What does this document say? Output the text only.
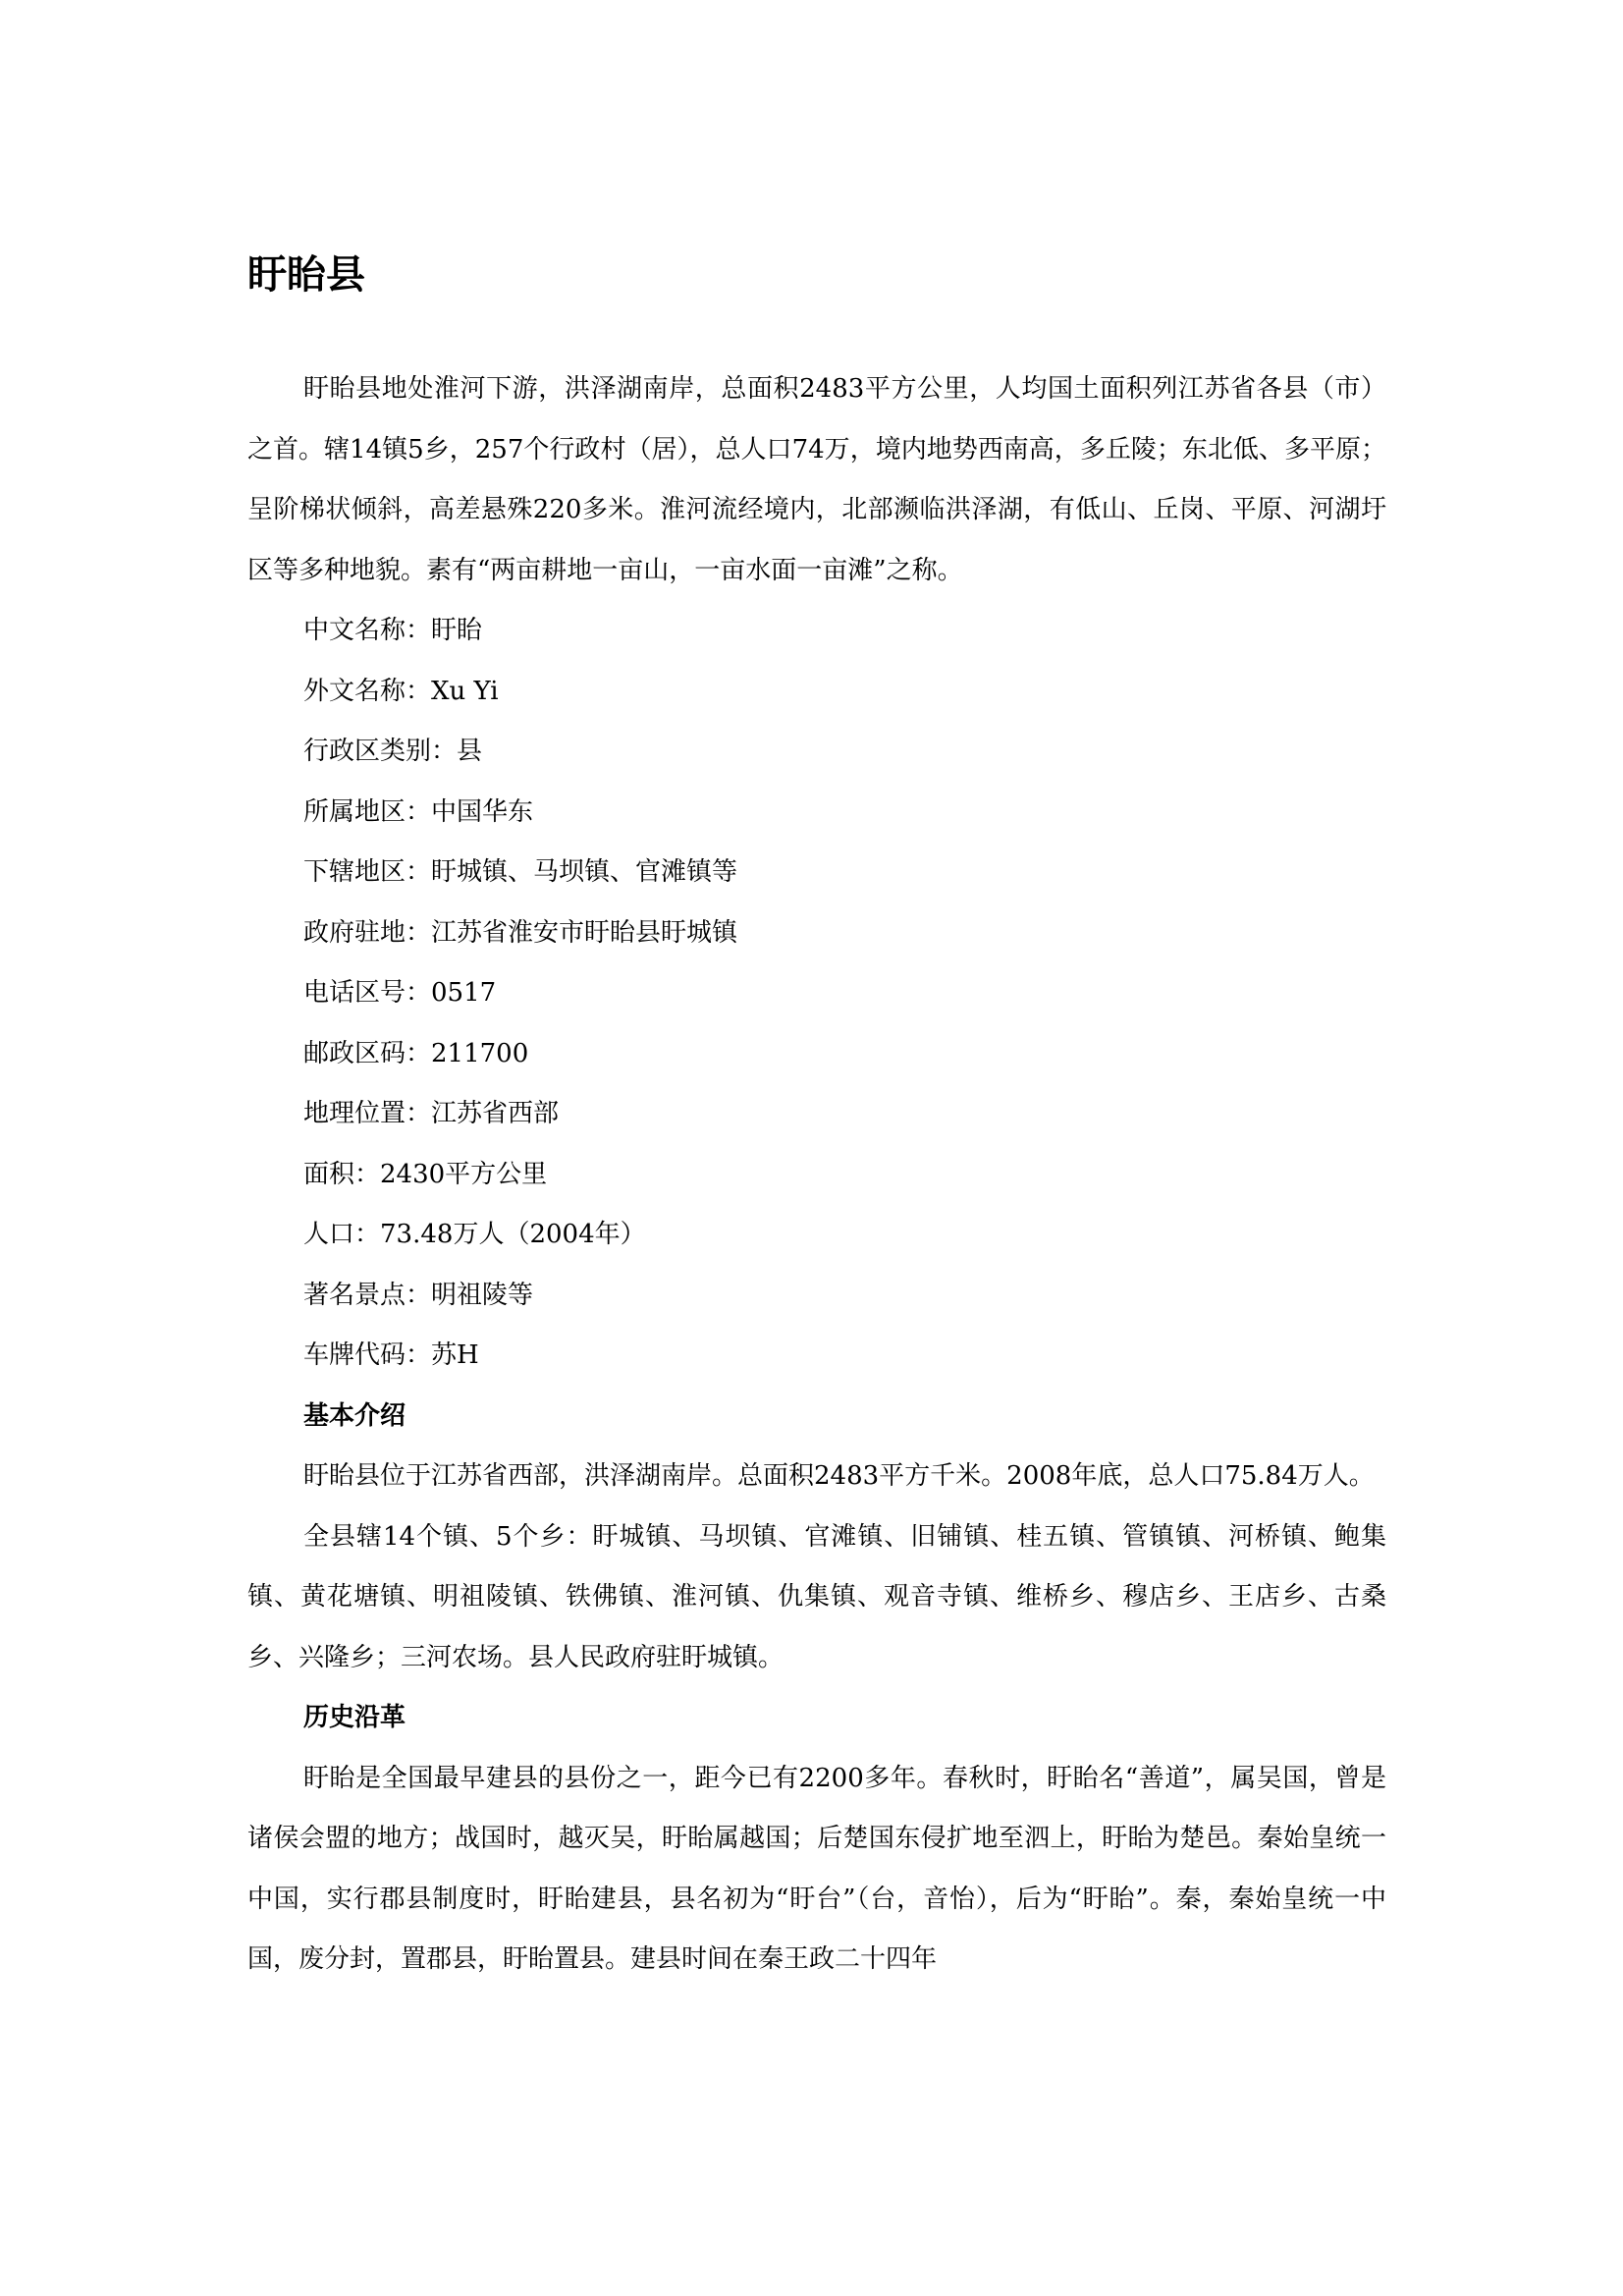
盱眙县

盱眙县地处淮河下游，洪泽湖南岸，总面积2483平方公里，人均国土面积列江苏省各县（市）之首。辖14镇5乡，257个行政村（居），总人口74万，境内地势西南高，多丘陵；东北低、多平原；呈阶梯状倾斜，高差悬殊220多米。淮河流经境内，北部濒临洪泽湖，有低山、丘岗、平原、河湖圩区等多种地貌。素有“两亩耕地一亩山，一亩水面一亩滩”之称。

中文名称：盱眙

外文名称：Xu Yi

行政区类别：县

所属地区：中国华东

下辖地区：盱城镇、马坝镇、官滩镇等

政府驻地：江苏省淮安市盱眙县盱城镇

电话区号：0517

邮政区码：211700

地理位置：江苏省西部

面积：2430平方公里

人口：73.48万人（2004年）

著名景点：明祖陵等

车牌代码：苏H

基本介绍

盱眙县位于江苏省西部，洪泽湖南岸。总面积2483平方千米。2008年底，总人口75.84万人。

全县辖14个镇、5个乡：盱城镇、马坝镇、官滩镇、旧铺镇、桂五镇、管镇镇、河桥镇、鲍集镇、黄花塘镇、明祖陵镇、铁佛镇、淮河镇、仇集镇、观音寺镇、维桥乡、穆店乡、王店乡、古桑乡、兴隆乡；三河农场。县人民政府驻盱城镇。

历史沿革

盱眙是全国最早建县的县份之一，距今已有2200多年。春秋时，盱眙名“善道”，属吴国，曾是诸侯会盟的地方；战国时，越灭吴，盱眙属越国；后楚国东侵扩地至泗上，盱眙为楚邑。秦始皇统一中国，实行郡县制度时，盱眙建县，县名初为“盱台”（台，音怡），后为“盱眙”。秦，秦始皇统一中国，废分封，置郡县，盱眙置县。建县时间在秦王政二十四年
